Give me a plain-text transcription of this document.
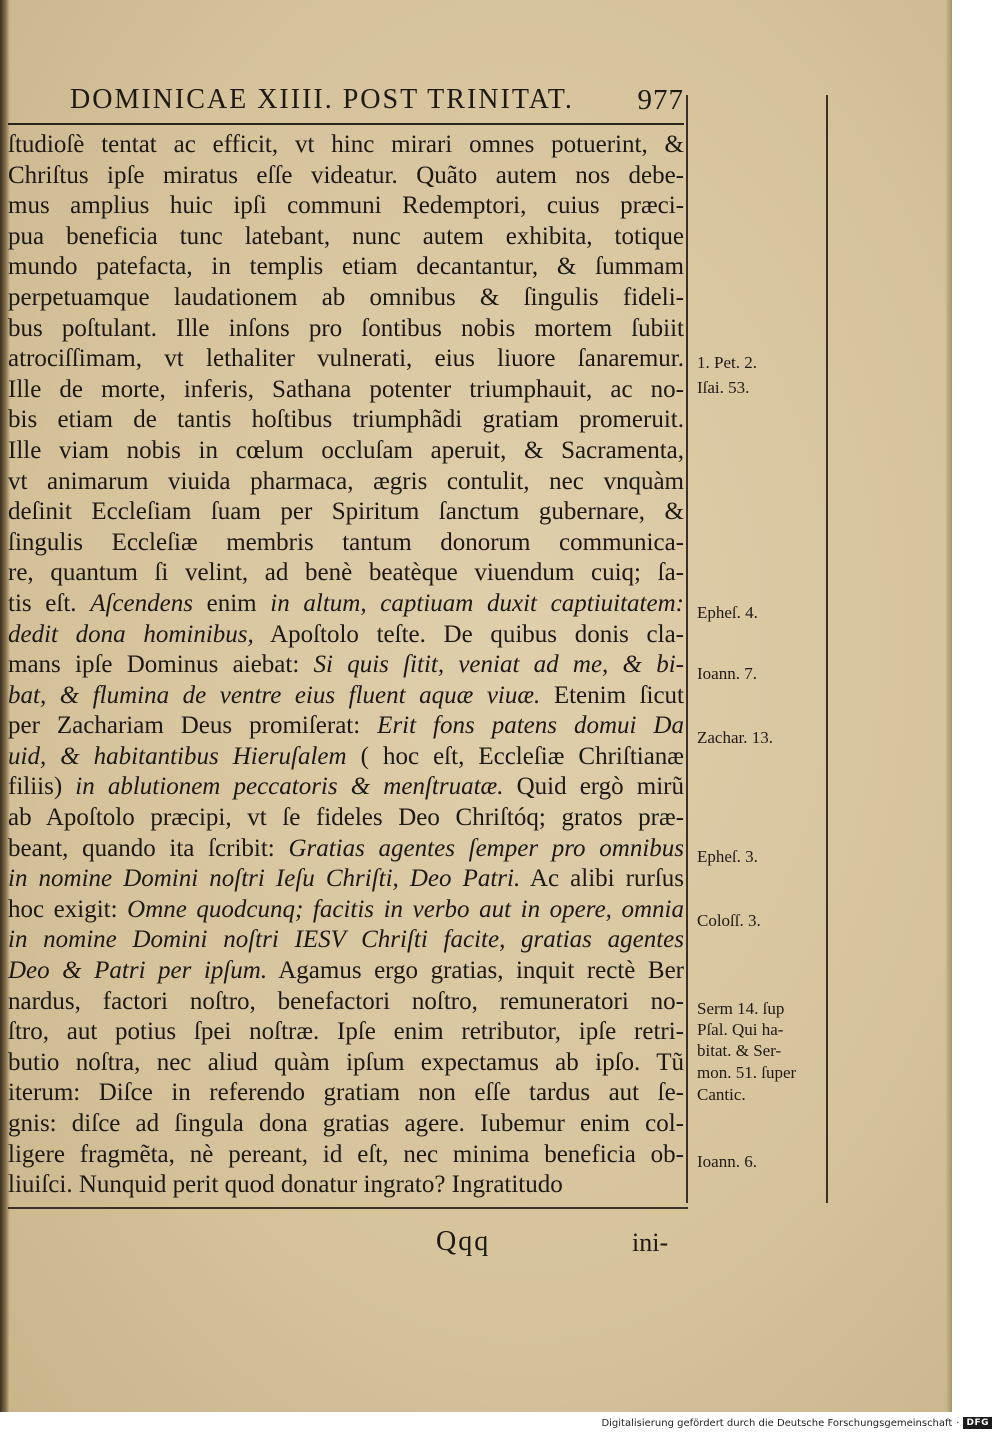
DOMINICAE XIIII. POST TRINITAT. 977
ſtudioſè tentat ac efficit, vt hinc mirari omnes potuerint, &
Chriſtus ipſe miratus eſſe videatur. Quãto autem nos debe-
mus amplius huic ipſi communi Redemptori, cuius præci-
pua beneficia tunc latebant, nunc autem exhibita, totique
mundo patefacta, in templis etiam decantantur, & ſummam
perpetuamque laudationem ab omnibus & ſingulis fideli-
bus poſtulant. Ille inſons pro ſontibus nobis mortem ſubiit
atrociſſimam, vt lethaliter vulnerati, eius liuore ſanaremur.
Ille de morte, inferis, Sathana potenter triumphauit, ac no-
bis etiam de tantis hoſtibus triumphãdi gratiam promeruit.
Ille viam nobis in cœlum occluſam aperuit, & Sacramenta,
vt animarum viuida pharmaca, ægris contulit, nec vnquàm
deſinit Eccleſiam ſuam per Spiritum ſanctum gubernare, &
ſingulis Eccleſiæ membris tantum donorum communica-
re, quantum ſi velint, ad benè beatèque viuendum cuiq; ſa-
tis eſt. Aſcendens enim in altum, captiuam duxit captiuitatem:
dedit dona hominibus, Apoſtolo teſte. De quibus donis cla-
mans ipſe Dominus aiebat: Si quis ſitit, veniat ad me, & bi-
bat, & flumina de ventre eius fluent aquæ viuæ. Etenim ſicut
per Zachariam Deus promiſerat: Erit fons patens domui Da
uid, & habitantibus Hieruſalem ( hoc eſt, Eccleſiæ Chriſtianæ
filiis) in ablutionem peccatoris & menſtruatæ. Quid ergò mirũ
ab Apoſtolo præcipi, vt ſe fideles Deo Chriſtóq; gratos præ-
beant, quando ita ſcribit: Gratias agentes ſemper pro omnibus
in nomine Domini noſtri Ieſu Chriſti, Deo Patri. Ac alibi rurſus
hoc exigit: Omne quodcunq; facitis in verbo aut in opere, omnia
in nomine Domini noſtri IESV Chriſti facite, gratias agentes
Deo & Patri per ipſum. Agamus ergo gratias, inquit rectè Ber
nardus, factori noſtro, benefactori noſtro, remuneratori no-
ſtro, aut potius ſpei noſtræ. Ipſe enim retributor, ipſe retri-
butio noſtra, nec aliud quàm ipſum expectamus ab ipſo. Tũ
iterum: Diſce in referendo gratiam non eſſe tardus aut ſe-
gnis: diſce ad ſingula dona gratias agere. Iubemur enim col-
ligere fragmẽta, nè pereant, id eſt, nec minima beneficia ob-
liuiſci. Nunquid perit quod donatur ingrato? Ingratitudo
1. Pet. 2.
Iſai. 53.
Epheſ. 4.
Ioann. 7.
Zachar. 13.
Epheſ. 3.
Coloſſ. 3.
Serm 14. ſup
Pſal. Qui ha-
bitat. & Ser-
mon. 51. ſuper
Cantic.
Ioann. 6.
Qqq	ini-
Digitalisierung gefördert durch die Deutsche Forschungsgemeinschaft · DFG
